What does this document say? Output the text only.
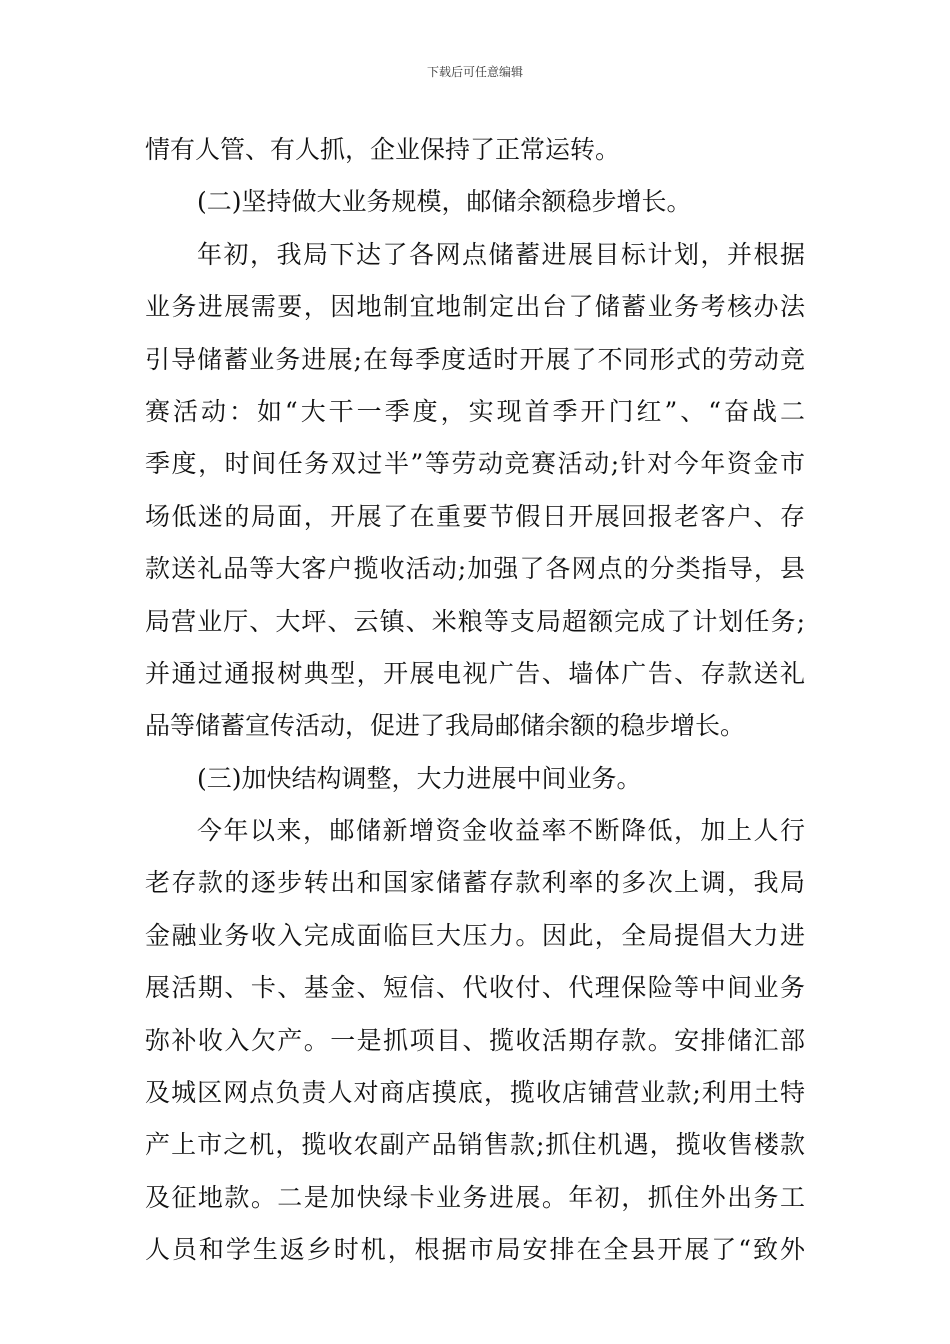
下载后可任意编辑
情有人管、有人抓，企业保持了正常运转。
(二)坚持做大业务规模，邮储余额稳步增长。
年初，我局下达了各网点储蓄进展目标计划，并根据
业务进展需要，因地制宜地制定出台了储蓄业务考核办法
引导储蓄业务进展;在每季度适时开展了不同形式的劳动竞
赛活动：如“大干一季度，实现首季开门红”、“奋战二
季度，时间任务双过半”等劳动竞赛活动;针对今年资金市
场低迷的局面，开展了在重要节假日开展回报老客户、存
款送礼品等大客户揽收活动;加强了各网点的分类指导，县
局营业厅、大坪、云镇、米粮等支局超额完成了计划任务;
并通过通报树典型，开展电视广告、墙体广告、存款送礼
品等储蓄宣传活动，促进了我局邮储余额的稳步增长。
(三)加快结构调整，大力进展中间业务。
今年以来，邮储新增资金收益率不断降低，加上人行
老存款的逐步转出和国家储蓄存款利率的多次上调，我局
金融业务收入完成面临巨大压力。因此，全局提倡大力进
展活期、卡、基金、短信、代收付、代理保险等中间业务
弥补收入欠产。一是抓项目、揽收活期存款。安排储汇部
及城区网点负责人对商店摸底，揽收店铺营业款;利用土特
产上市之机，揽收农副产品销售款;抓住机遇，揽收售楼款
及征地款。二是加快绿卡业务进展。年初，抓住外出务工
人员和学生返乡时机，根据市局安排在全县开展了“致外
